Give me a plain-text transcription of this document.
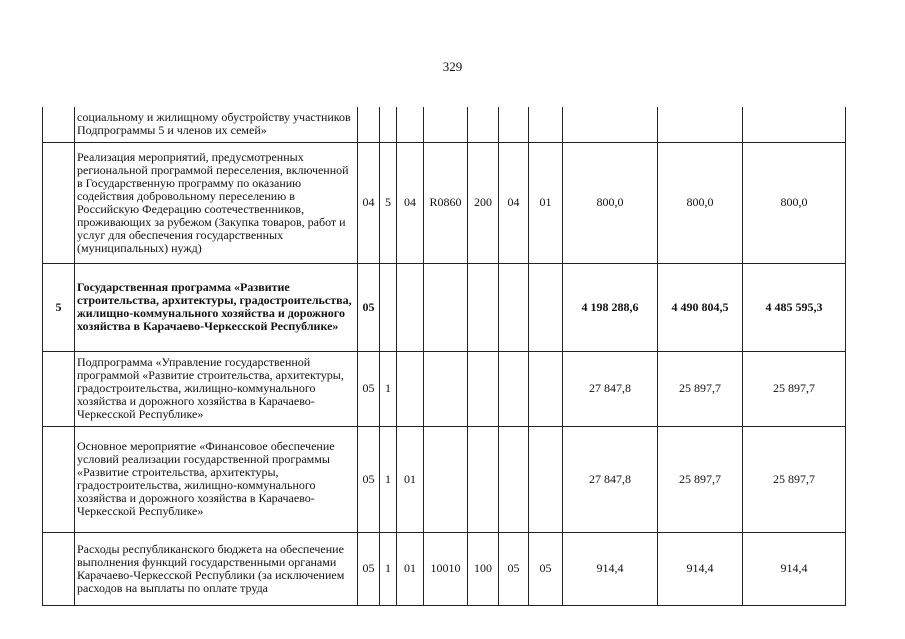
329
	социальному и жилищному обустройству участников Подпрограммы 5 и членов их семей»										
	Реализация мероприятий, предусмотренных региональной программой переселения, включенной в Государственную программу по оказанию содействия добровольному переселению в Российскую Федерацию соотечественников, проживающих за рубежом (Закупка товаров, работ и услуг для обеспечения государственных (муниципальных) нужд)	04	5	04	R0860	200	04	01	800,0	800,0	800,0
5	Государственная программа «Развитие строительства, архитектуры, градостроительства, жилищно-коммунального хозяйства и дорожного хозяйства в Карачаево-Черкесской Республике»	05							4 198 288,6	4 490 804,5	4 485 595,3
	Подпрограмма «Управление государственной программой «Развитие строительства, архитектуры, градостроительства, жилищно-коммунального хозяйства и дорожного хозяйства в Карачаево-Черкесской Республике»	05	1						27 847,8	25 897,7	25 897,7
	Основное мероприятие «Финансовое обеспечение условий реализации государственной программы «Развитие строительства, архитектуры, градостроительства, жилищно-коммунального хозяйства и дорожного хозяйства в Карачаево-Черкесской Республике»	05	1	01					27 847,8	25 897,7	25 897,7
	Расходы республиканского бюджета на обеспечение выполнения функций государственными органами Карачаево-Черкесской Республики (за исключением расходов на выплаты по оплате труда	05	1	01	10010	100	05	05	914,4	914,4	914,4
